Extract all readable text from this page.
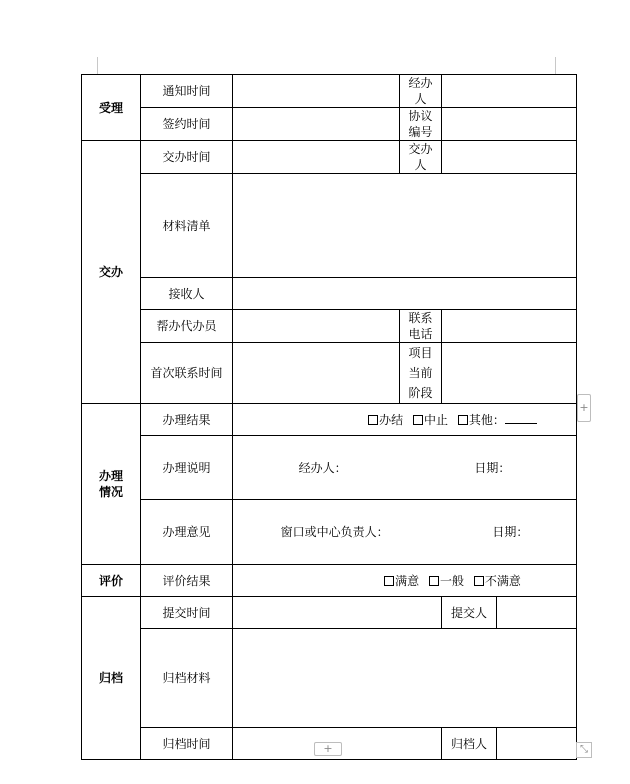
受理	通知时间		经办人		
	签约时间		协议编号		
交办	交办时间		交办人		
	材料清单				
	接收人				
	帮办代办员		联系电话		
	首次联系时间		项目当前
阶段		
办理
情况	办理结果	办结 中止 其他：			
	办理说明	经办人： 日期：			
	办理意见	窗口或中心负责人： 日期：			
评价	评价结果	满意 一般 不满意			
归档	提交时间			提交人	
	归档材料				
	归档时间			归档人	
+
+	⤡
